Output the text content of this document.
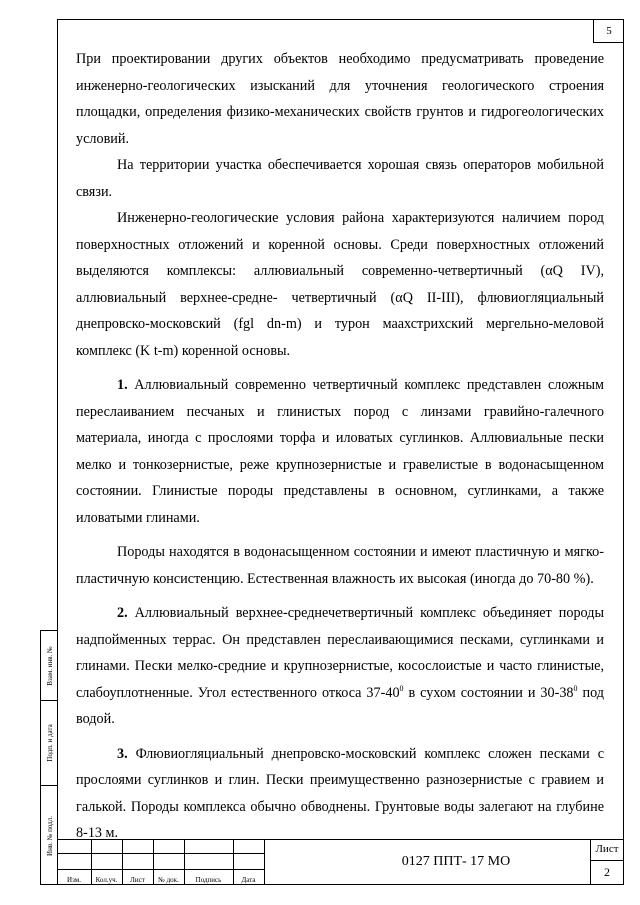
5

При проектировании других объектов необходимо предусматривать проведение инженерно-геологических изысканий для уточнения геологического строения площадки, определения физико-механических свойств грунтов и гидрогеологических условий.

На территории участка обеспечивается хорошая связь операторов мобильной связи.

Инженерно-геологические условия района характеризуются наличием пород поверхностных отложений и коренной основы. Среди поверхностных отложений выделяются комплексы: аллювиальный современно-четвертичный (αQ IV), аллювиальный верхнее-средне- четвертичный (αQ II-III), флювиогляциальный днепровско-московский (fgl dn-m) и турон маахстрихский мергельно-меловой комплекс (K t-m) коренной основы.

1. Аллювиальный современно четвертичный комплекс представлен сложным переслаиванием песчаных и глинистых пород с линзами гравийно-галечного материала, иногда с прослоями торфа и иловатых суглинков. Аллювиальные пески мелко и тонкозернистые, реже крупнозернистые и гравелистые в водонасыщенном состоянии. Глинистые породы представлены в основном, суглинками, а также иловатыми глинами.

Породы находятся в водонасыщенном состоянии и имеют пластичную и мягко-пластичную консистенцию. Естественная влажность их высокая (иногда до 70-80 %).

2. Аллювиальный верхнее-среднечетвертичный комплекс объединяет породы надпойменных террас. Он представлен переслаивающимися песками, суглинками и глинами. Пески мелко-средние и крупнозернистые, косослоистые и часто глинистые, слабоуплотненные. Угол естественного откоса $37-40^0$ в сухом состоянии и $30-38^0$ под водой.

3. Флювиогляциальный днепровско-московский комплекс сложен песками с прослоями суглинков и глин. Пески преимущественно разнозернистые с гравием и галькой. Породы комплекса обычно обводнены. Грунтовые воды залегают на глубине 8-13 м.

Взам. инв. №
Подп. и дата
Инв. № подл.
Изм.	Кол.уч.	Лист	№ док.	Подпись	Дата
0127 ППТ- 17 МО
Лист
2
